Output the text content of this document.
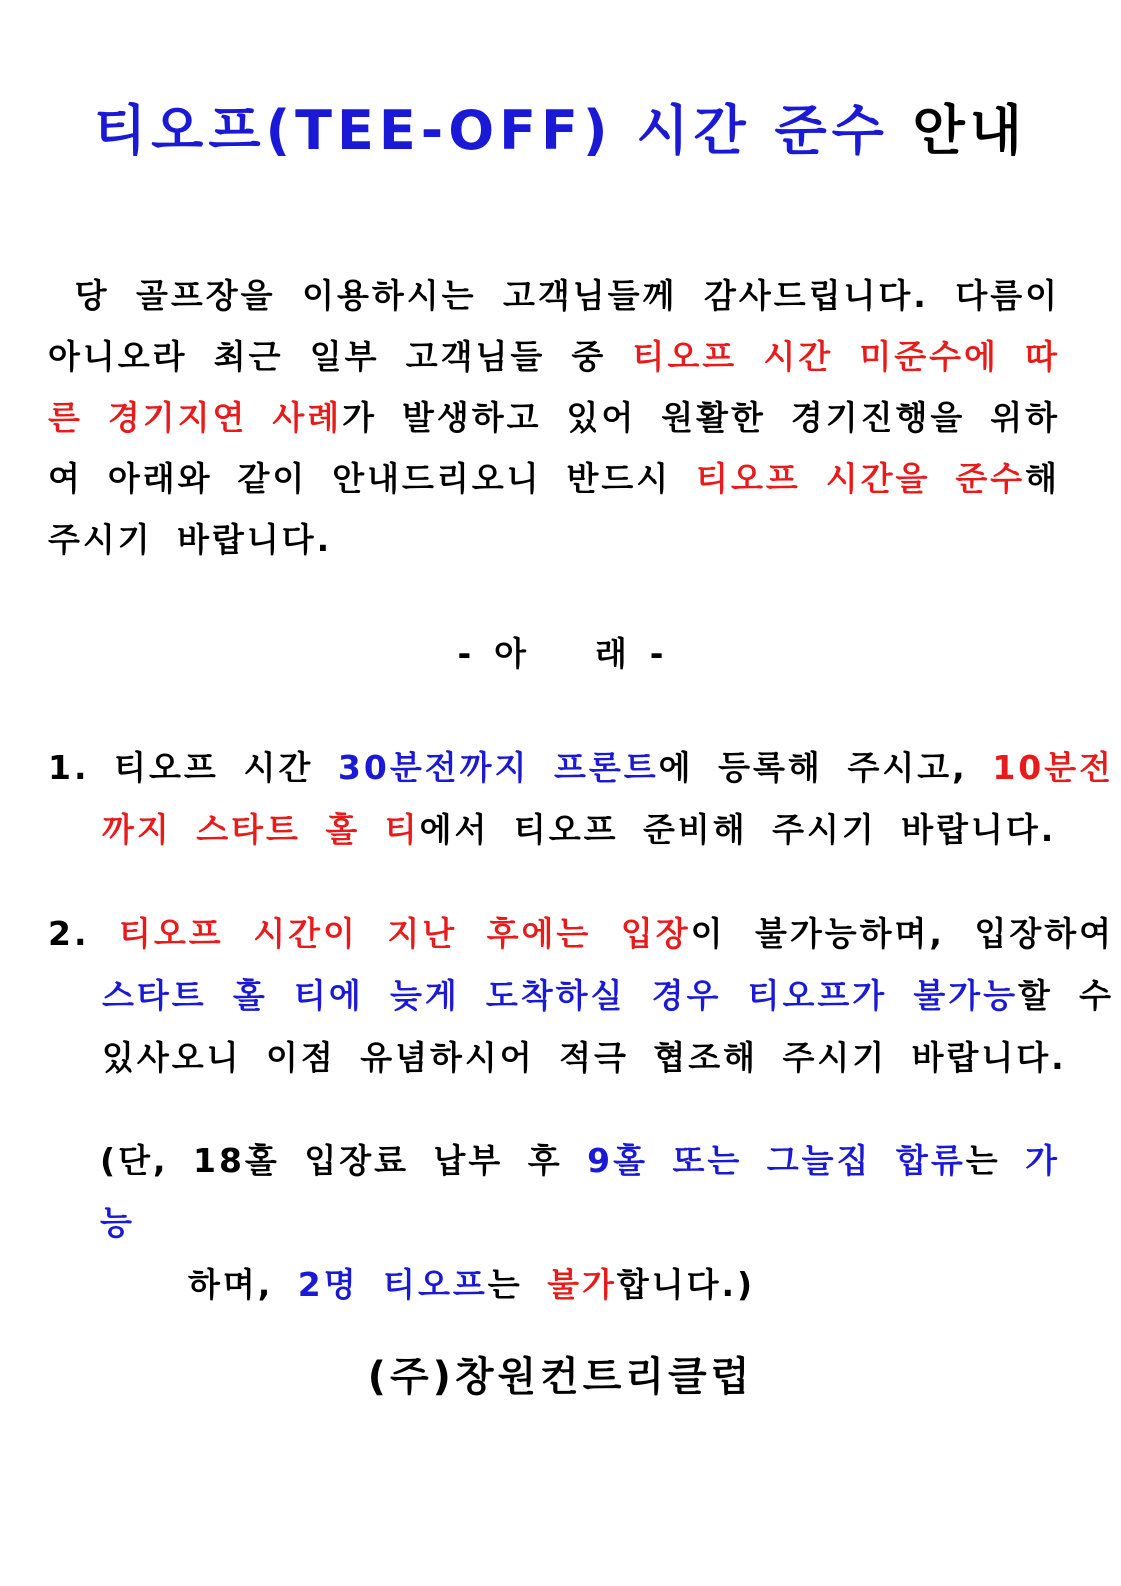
티오프(TEE-OFF) 시간 준수 안내
당 골프장을 이용하시는 고객님들께 감사드립니다. 다름이 아니오라 최근 일부 고객님들 중 티오프 시간 미준수에 따른 경기지연 사례가 발생하고 있어 원활한 경기진행을 위하여 아래와 같이 안내드리오니 반드시 티오프 시간을 준수해 주시기 바랍니다.
-  아      래  -
1. 티오프 시간 30분전까지 프론트에 등록해 주시고, 10분전까지 스타트 홀 티에서 티오프 준비해 주시기 바랍니다.
2. 티오프 시간이 지난 후에는 입장이 불가능하며, 입장하여 스타트 홀 티에 늦게 도착하실 경우 티오프가 불가능할 수 있사오니 이점 유념하시어 적극 협조해 주시기 바랍니다.
(단, 18홀 입장료 납부 후 9홀 또는 그늘집 합류는 가능
하며, 2명 티오프는 불가합니다.)
(주)창원컨트리클럽
